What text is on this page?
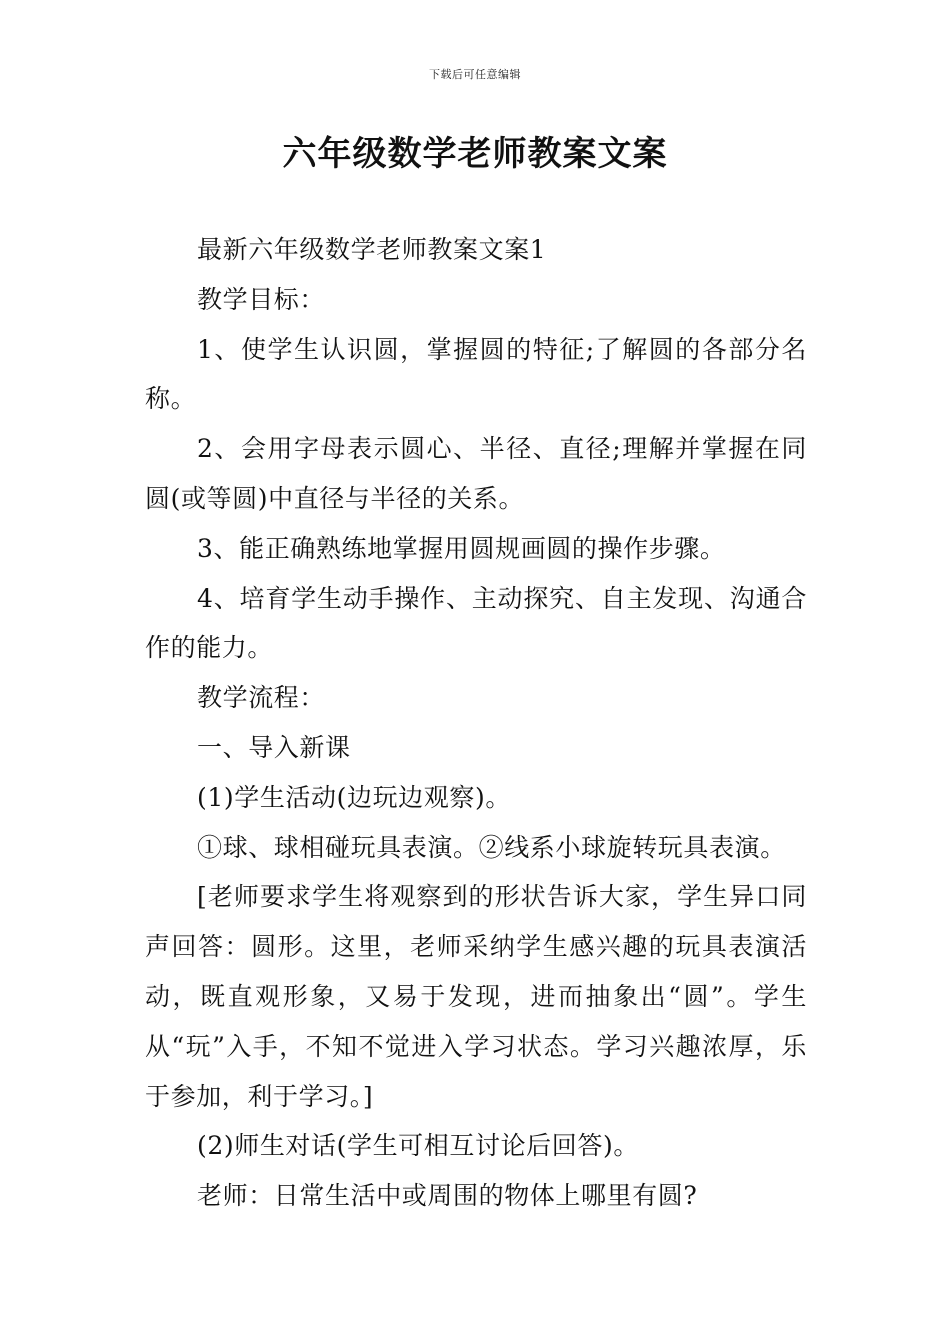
下载后可任意编辑
六年级数学老师教案文案

最新六年级数学老师教案文案1

教学目标：

1、使学生认识圆，掌握圆的特征;了解圆的各部分名称。

2、会用字母表示圆心、半径、直径;理解并掌握在同圆(或等圆)中直径与半径的关系。

3、能正确熟练地掌握用圆规画圆的操作步骤。

4、培育学生动手操作、主动探究、自主发现、沟通合作的能力。

教学流程：

一、导入新课

(1)学生活动(边玩边观察)。

①球、球相碰玩具表演。②线系小球旋转玩具表演。

[老师要求学生将观察到的形状告诉大家，学生异口同声回答：圆形。这里，老师采纳学生感兴趣的玩具表演活动，既直观形象，又易于发现，进而抽象出“圆”。学生从“玩”入手，不知不觉进入学习状态。学习兴趣浓厚，乐于参加，利于学习。]

(2)师生对话(学生可相互讨论后回答)。

老师：日常生活中或周围的物体上哪里有圆?
